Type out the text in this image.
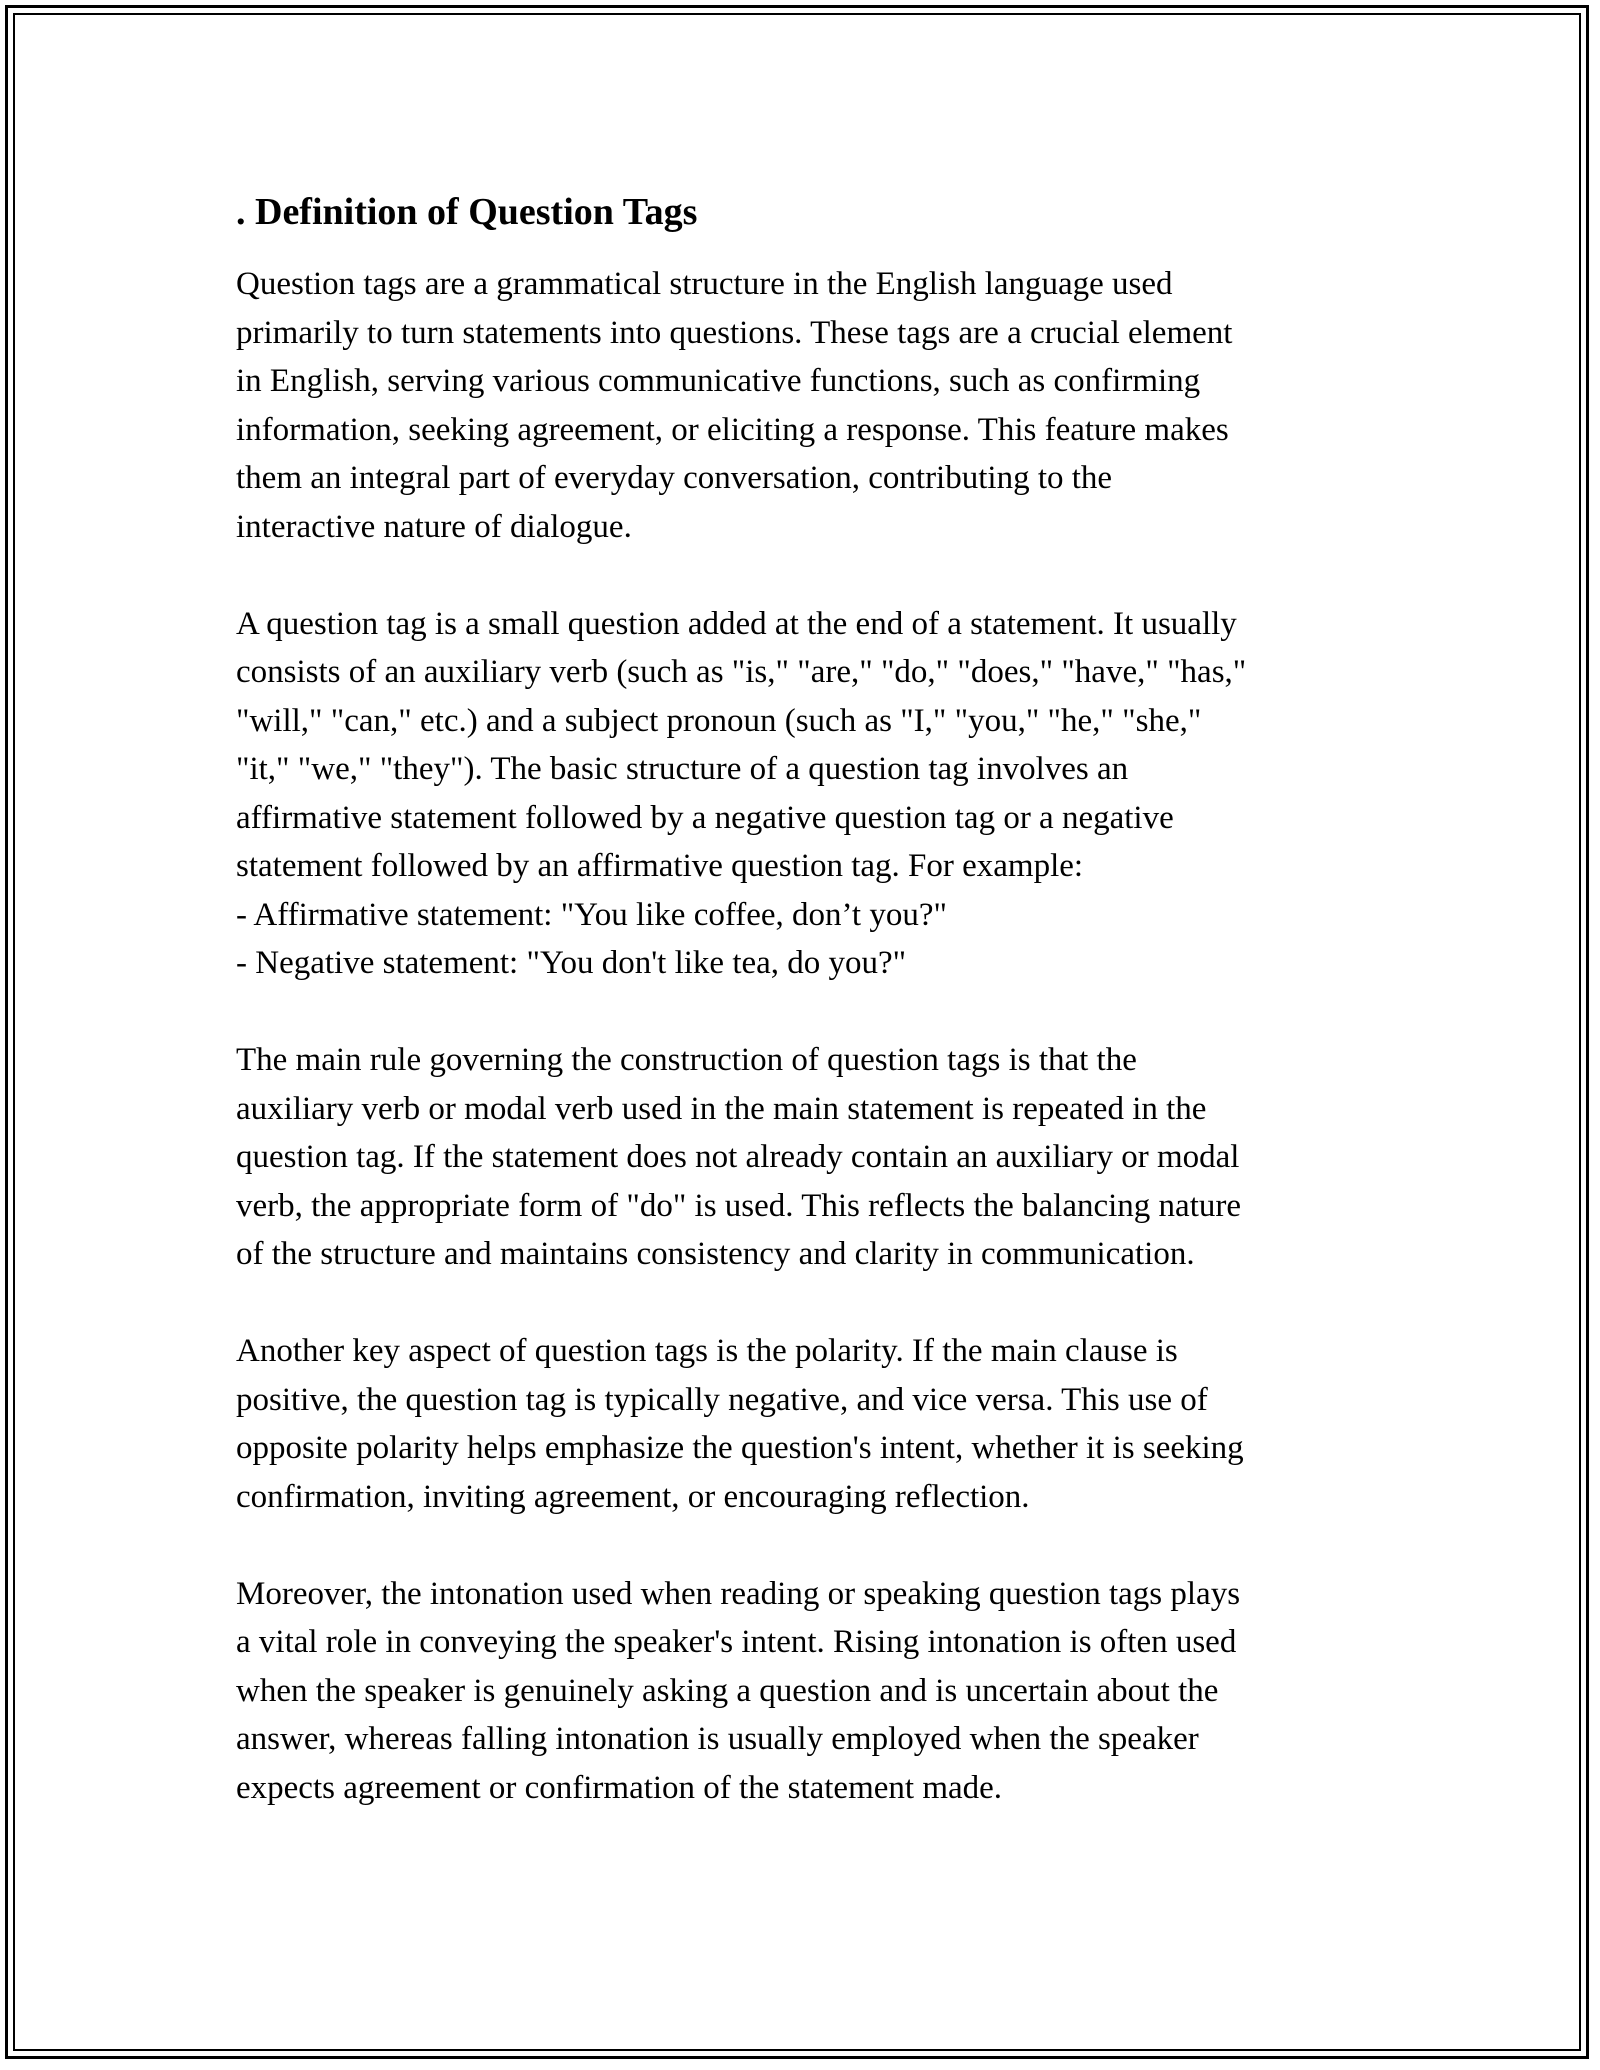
. Definition of Question Tags
Question tags are a grammatical structure in the English language used
primarily to turn statements into questions. These tags are a crucial element
in English, serving various communicative functions, such as confirming
information, seeking agreement, or eliciting a response. This feature makes
them an integral part of everyday conversation, contributing to the
interactive nature of dialogue.
A question tag is a small question added at the end of a statement. It usually
consists of an auxiliary verb (such as "is," "are," "do," "does," "have," "has,"
"will," "can," etc.) and a subject pronoun (such as "I," "you," "he," "she,"
"it," "we," "they"). The basic structure of a question tag involves an
affirmative statement followed by a negative question tag or a negative
statement followed by an affirmative question tag. For example:
- Affirmative statement: "You like coffee, don’t you?"
- Negative statement: "You don't like tea, do you?"
The main rule governing the construction of question tags is that the
auxiliary verb or modal verb used in the main statement is repeated in the
question tag. If the statement does not already contain an auxiliary or modal
verb, the appropriate form of "do" is used. This reflects the balancing nature
of the structure and maintains consistency and clarity in communication.
Another key aspect of question tags is the polarity. If the main clause is
positive, the question tag is typically negative, and vice versa. This use of
opposite polarity helps emphasize the question's intent, whether it is seeking
confirmation, inviting agreement, or encouraging reflection.
Moreover, the intonation used when reading or speaking question tags plays
a vital role in conveying the speaker's intent. Rising intonation is often used
when the speaker is genuinely asking a question and is uncertain about the
answer, whereas falling intonation is usually employed when the speaker
expects agreement or confirmation of the statement made.
